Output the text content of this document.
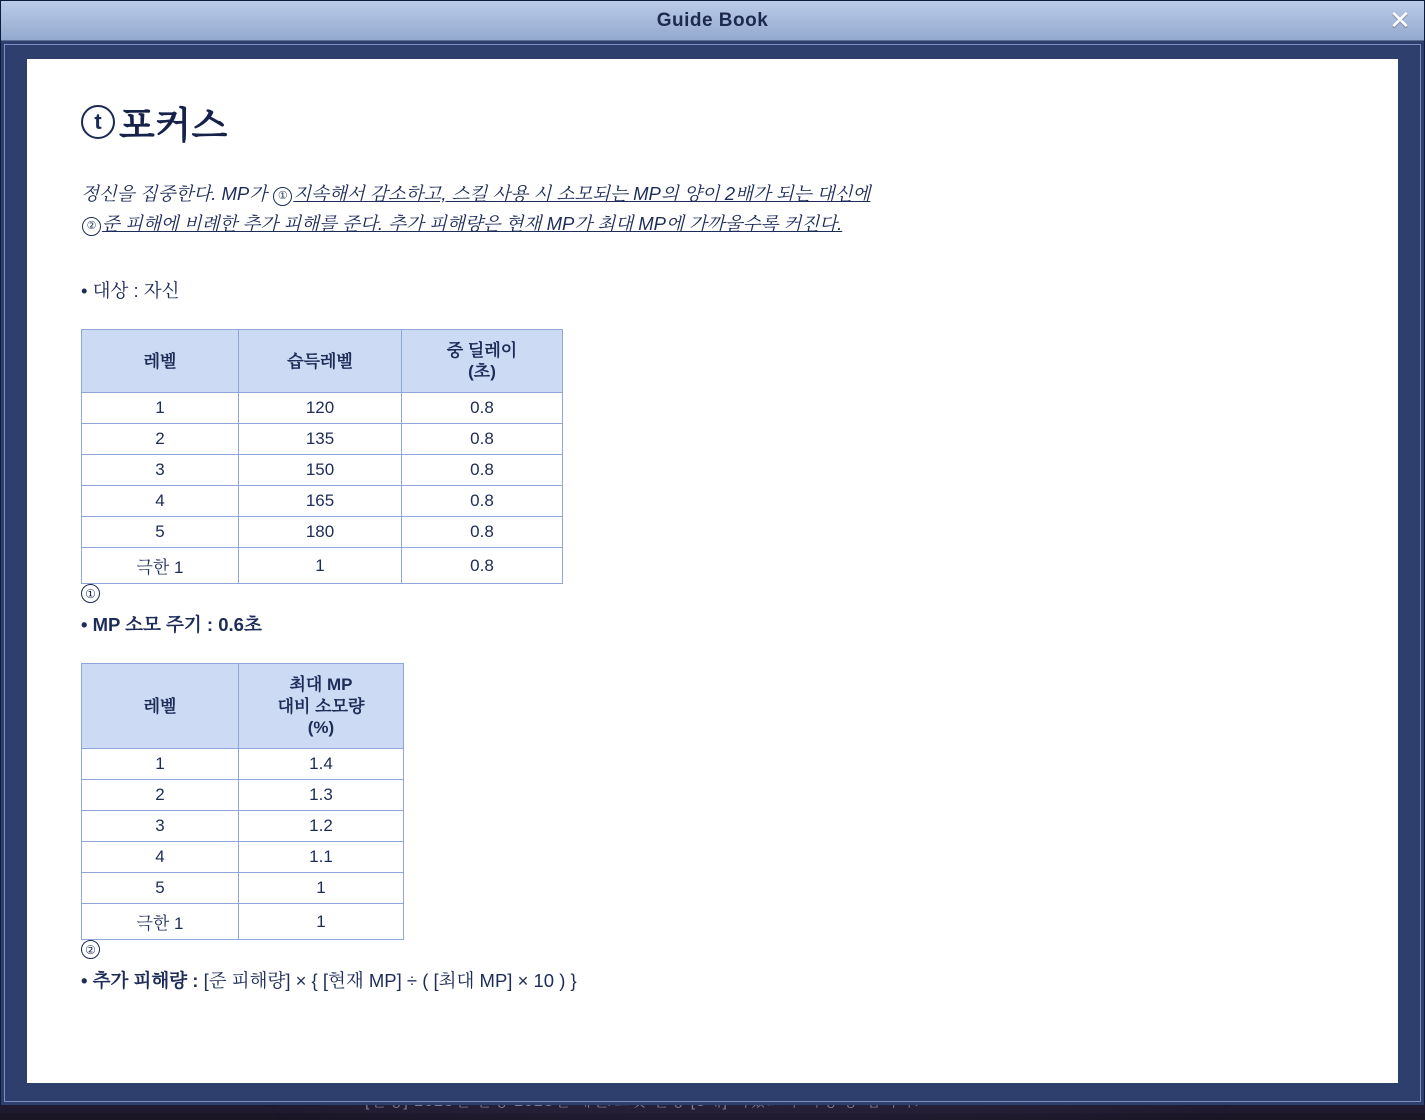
Guide Book	✕
t 포커스

정신을 집중한다. MP가 ① 지속해서 감소하고, 스킬 사용 시 소모되는 MP의 양이 2배가 되는 대신에
② 준 피해에 비례한 추가 피해를 준다. 추가 피해량은 현재 MP가 최대 MP에 가까울수록 커진다.

• 대상 : 자신

레벨	습득레벨	중 딜레이
(초)
1	120	0.8
2	135	0.8
3	150	0.8
4	165	0.8
5	180	0.8
극한 1	1	0.8

①

• MP 소모 주기 : 0.6초

레벨	최대 MP
대비 소모량
(%)
1	1.4
2	1.3
3	1.2
4	1.1
5	1
극한 1	1

②

• 추가 피해량 : [준 피해량] × { [현재 MP] ÷ ( [최대 MP] × 10 ) }
